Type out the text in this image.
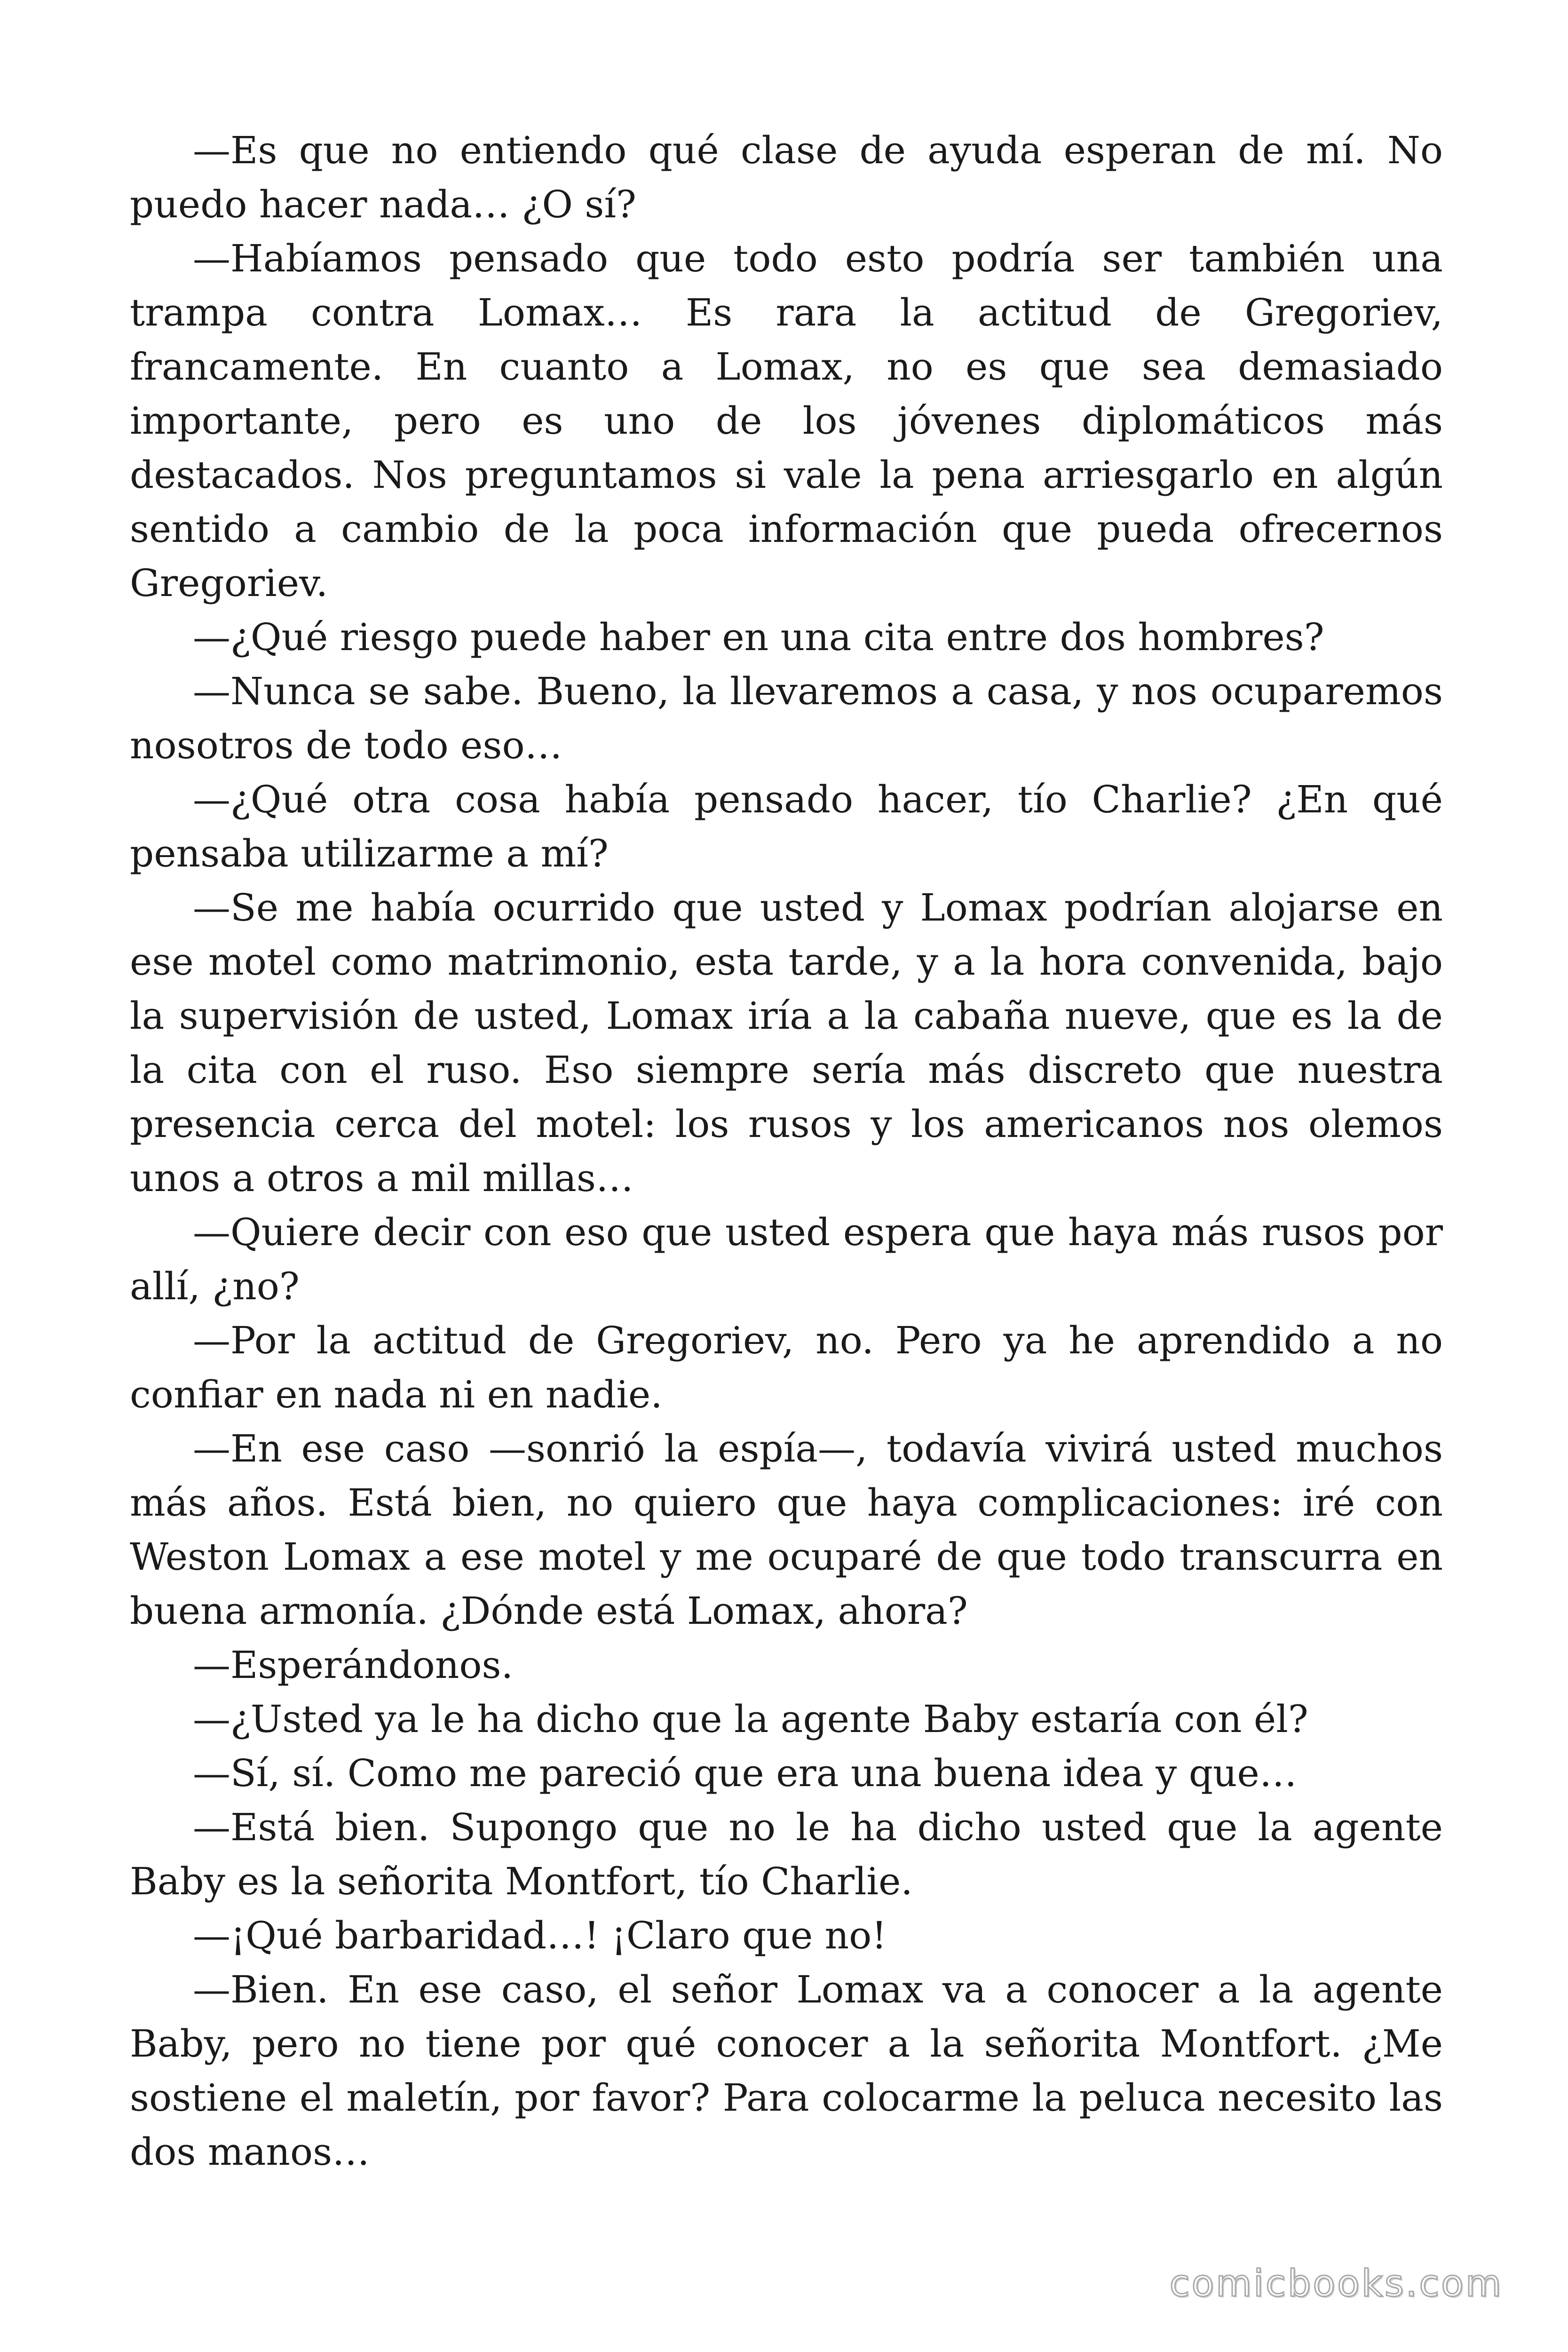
—Es que no entiendo qué clase de ayuda esperan de mí. No puedo hacer nada… ¿O sí?

—Habíamos pensado que todo esto podría ser también una trampa contra Lomax… Es rara la actitud de Gregoriev, francamente. En cuanto a Lomax, no es que sea demasiado importante, pero es uno de los jóvenes diplomáticos más destacados. Nos preguntamos si vale la pena arriesgarlo en algún sentido a cambio de la poca información que pueda ofrecernos Gregoriev.

—¿Qué riesgo puede haber en una cita entre dos hombres?

—Nunca se sabe. Bueno, la llevaremos a casa, y nos ocuparemos nosotros de todo eso…

—¿Qué otra cosa había pensado hacer, tío Charlie? ¿En qué pensaba utilizarme a mí?

—Se me había ocurrido que usted y Lomax podrían alojarse en ese motel como matrimonio, esta tarde, y a la hora convenida, bajo la supervisión de usted, Lomax iría a la cabaña nueve, que es la de la cita con el ruso. Eso siempre sería más discreto que nuestra presencia cerca del motel: los rusos y los americanos nos olemos unos a otros a mil millas…

—Quiere decir con eso que usted espera que haya más rusos por allí, ¿no?

—Por la actitud de Gregoriev, no. Pero ya he aprendido a no confiar en nada ni en nadie.

—En ese caso —sonrió la espía—, todavía vivirá usted muchos más años. Está bien, no quiero que haya complicaciones: iré con Weston Lomax a ese motel y me ocuparé de que todo transcurra en buena armonía. ¿Dónde está Lomax, ahora?

—Esperándonos.

—¿Usted ya le ha dicho que la agente Baby estaría con él?

—Sí, sí. Como me pareció que era una buena idea y que…

—Está bien. Supongo que no le ha dicho usted que la agente Baby es la señorita Montfort, tío Charlie.

—¡Qué barbaridad…! ¡Claro que no!

—Bien. En ese caso, el señor Lomax va a conocer a la agente Baby, pero no tiene por qué conocer a la señorita Montfort. ¿Me sostiene el maletín, por favor? Para colocarme la peluca necesito las dos manos…

comicbooks.com
